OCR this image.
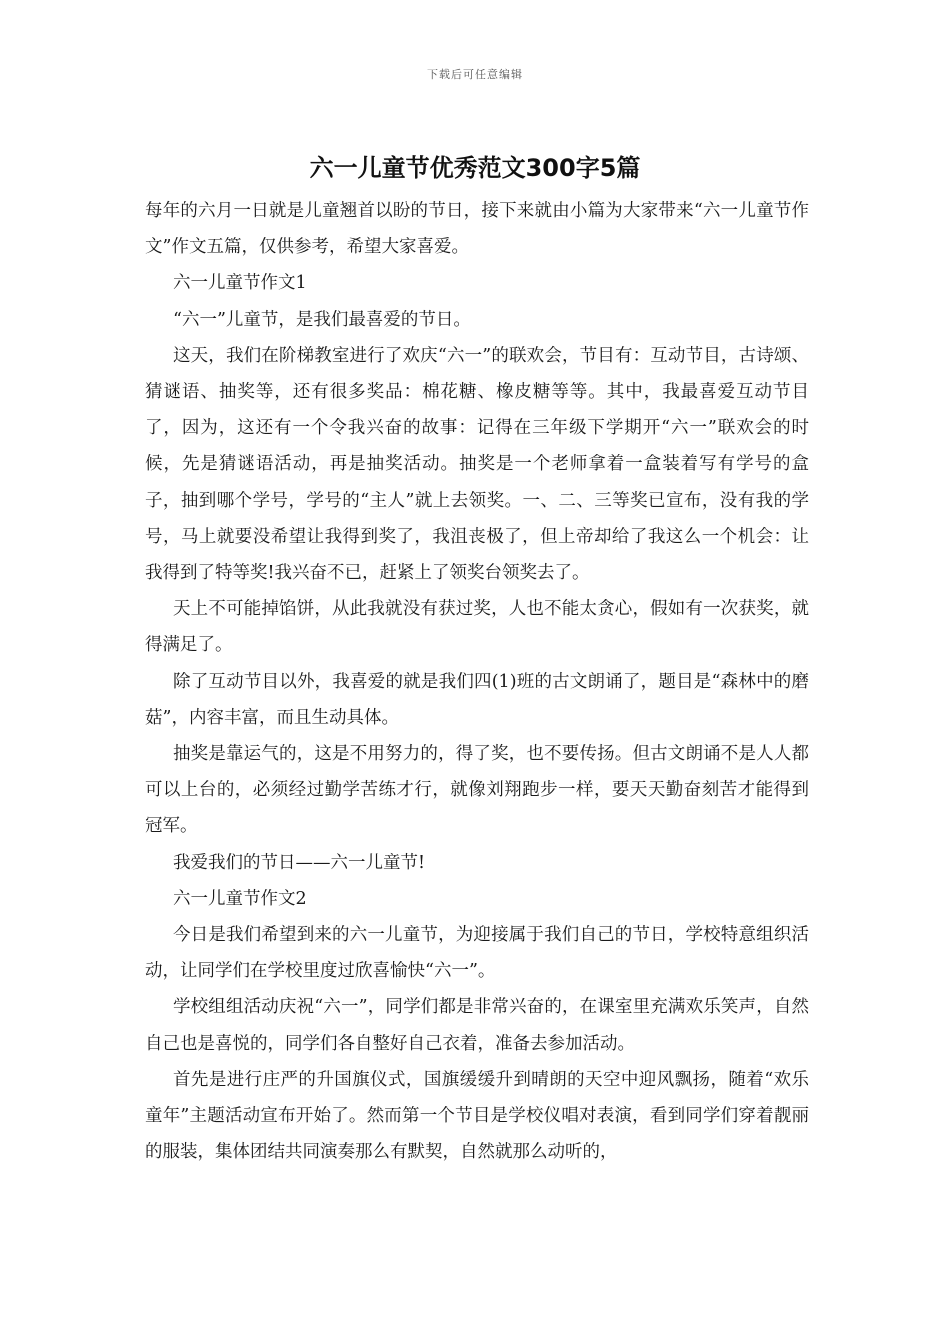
下载后可任意编辑
六一儿童节优秀范文300字5篇

每年的六月一日就是儿童翘首以盼的节日，接下来就由小篇为大家带来“六一儿童节作文”作文五篇，仅供参考，希望大家喜爱。

六一儿童节作文1

“六一”儿童节，是我们最喜爱的节日。

这天，我们在阶梯教室进行了欢庆“六一”的联欢会，节目有：互动节目，古诗颂、猜谜语、抽奖等，还有很多奖品：棉花糖、橡皮糖等等。其中，我最喜爱互动节目了，因为，这还有一个令我兴奋的故事：记得在三年级下学期开“六一”联欢会的时候，先是猜谜语活动，再是抽奖活动。抽奖是一个老师拿着一盒装着写有学号的盒子，抽到哪个学号，学号的“主人”就上去领奖。一、二、三等奖已宣布，没有我的学号，马上就要没希望让我得到奖了，我沮丧极了，但上帝却给了我这么一个机会：让我得到了特等奖!我兴奋不已，赶紧上了领奖台领奖去了。

天上不可能掉馅饼，从此我就没有获过奖，人也不能太贪心，假如有一次获奖，就得满足了。

除了互动节目以外，我喜爱的就是我们四(1)班的古文朗诵了，题目是“森林中的磨菇”，内容丰富，而且生动具体。

抽奖是靠运气的，这是不用努力的，得了奖，也不要传扬。但古文朗诵不是人人都可以上台的，必须经过勤学苦练才行，就像刘翔跑步一样，要天天勤奋刻苦才能得到冠军。

我爱我们的节日——六一儿童节!

六一儿童节作文2

今日是我们希望到来的六一儿童节，为迎接属于我们自己的节日，学校特意组织活动，让同学们在学校里度过欣喜愉快“六一”。

学校组组活动庆祝“六一”，同学们都是非常兴奋的，在课室里充满欢乐笑声，自然自己也是喜悦的，同学们各自整好自己衣着，准备去参加活动。

首先是进行庄严的升国旗仪式，国旗缓缓升到晴朗的天空中迎风飘扬，随着“欢乐童年”主题活动宣布开始了。然而第一个节目是学校仪唱对表演，看到同学们穿着靓丽的服装，集体团结共同演奏那么有默契，自然就那么动听的，
